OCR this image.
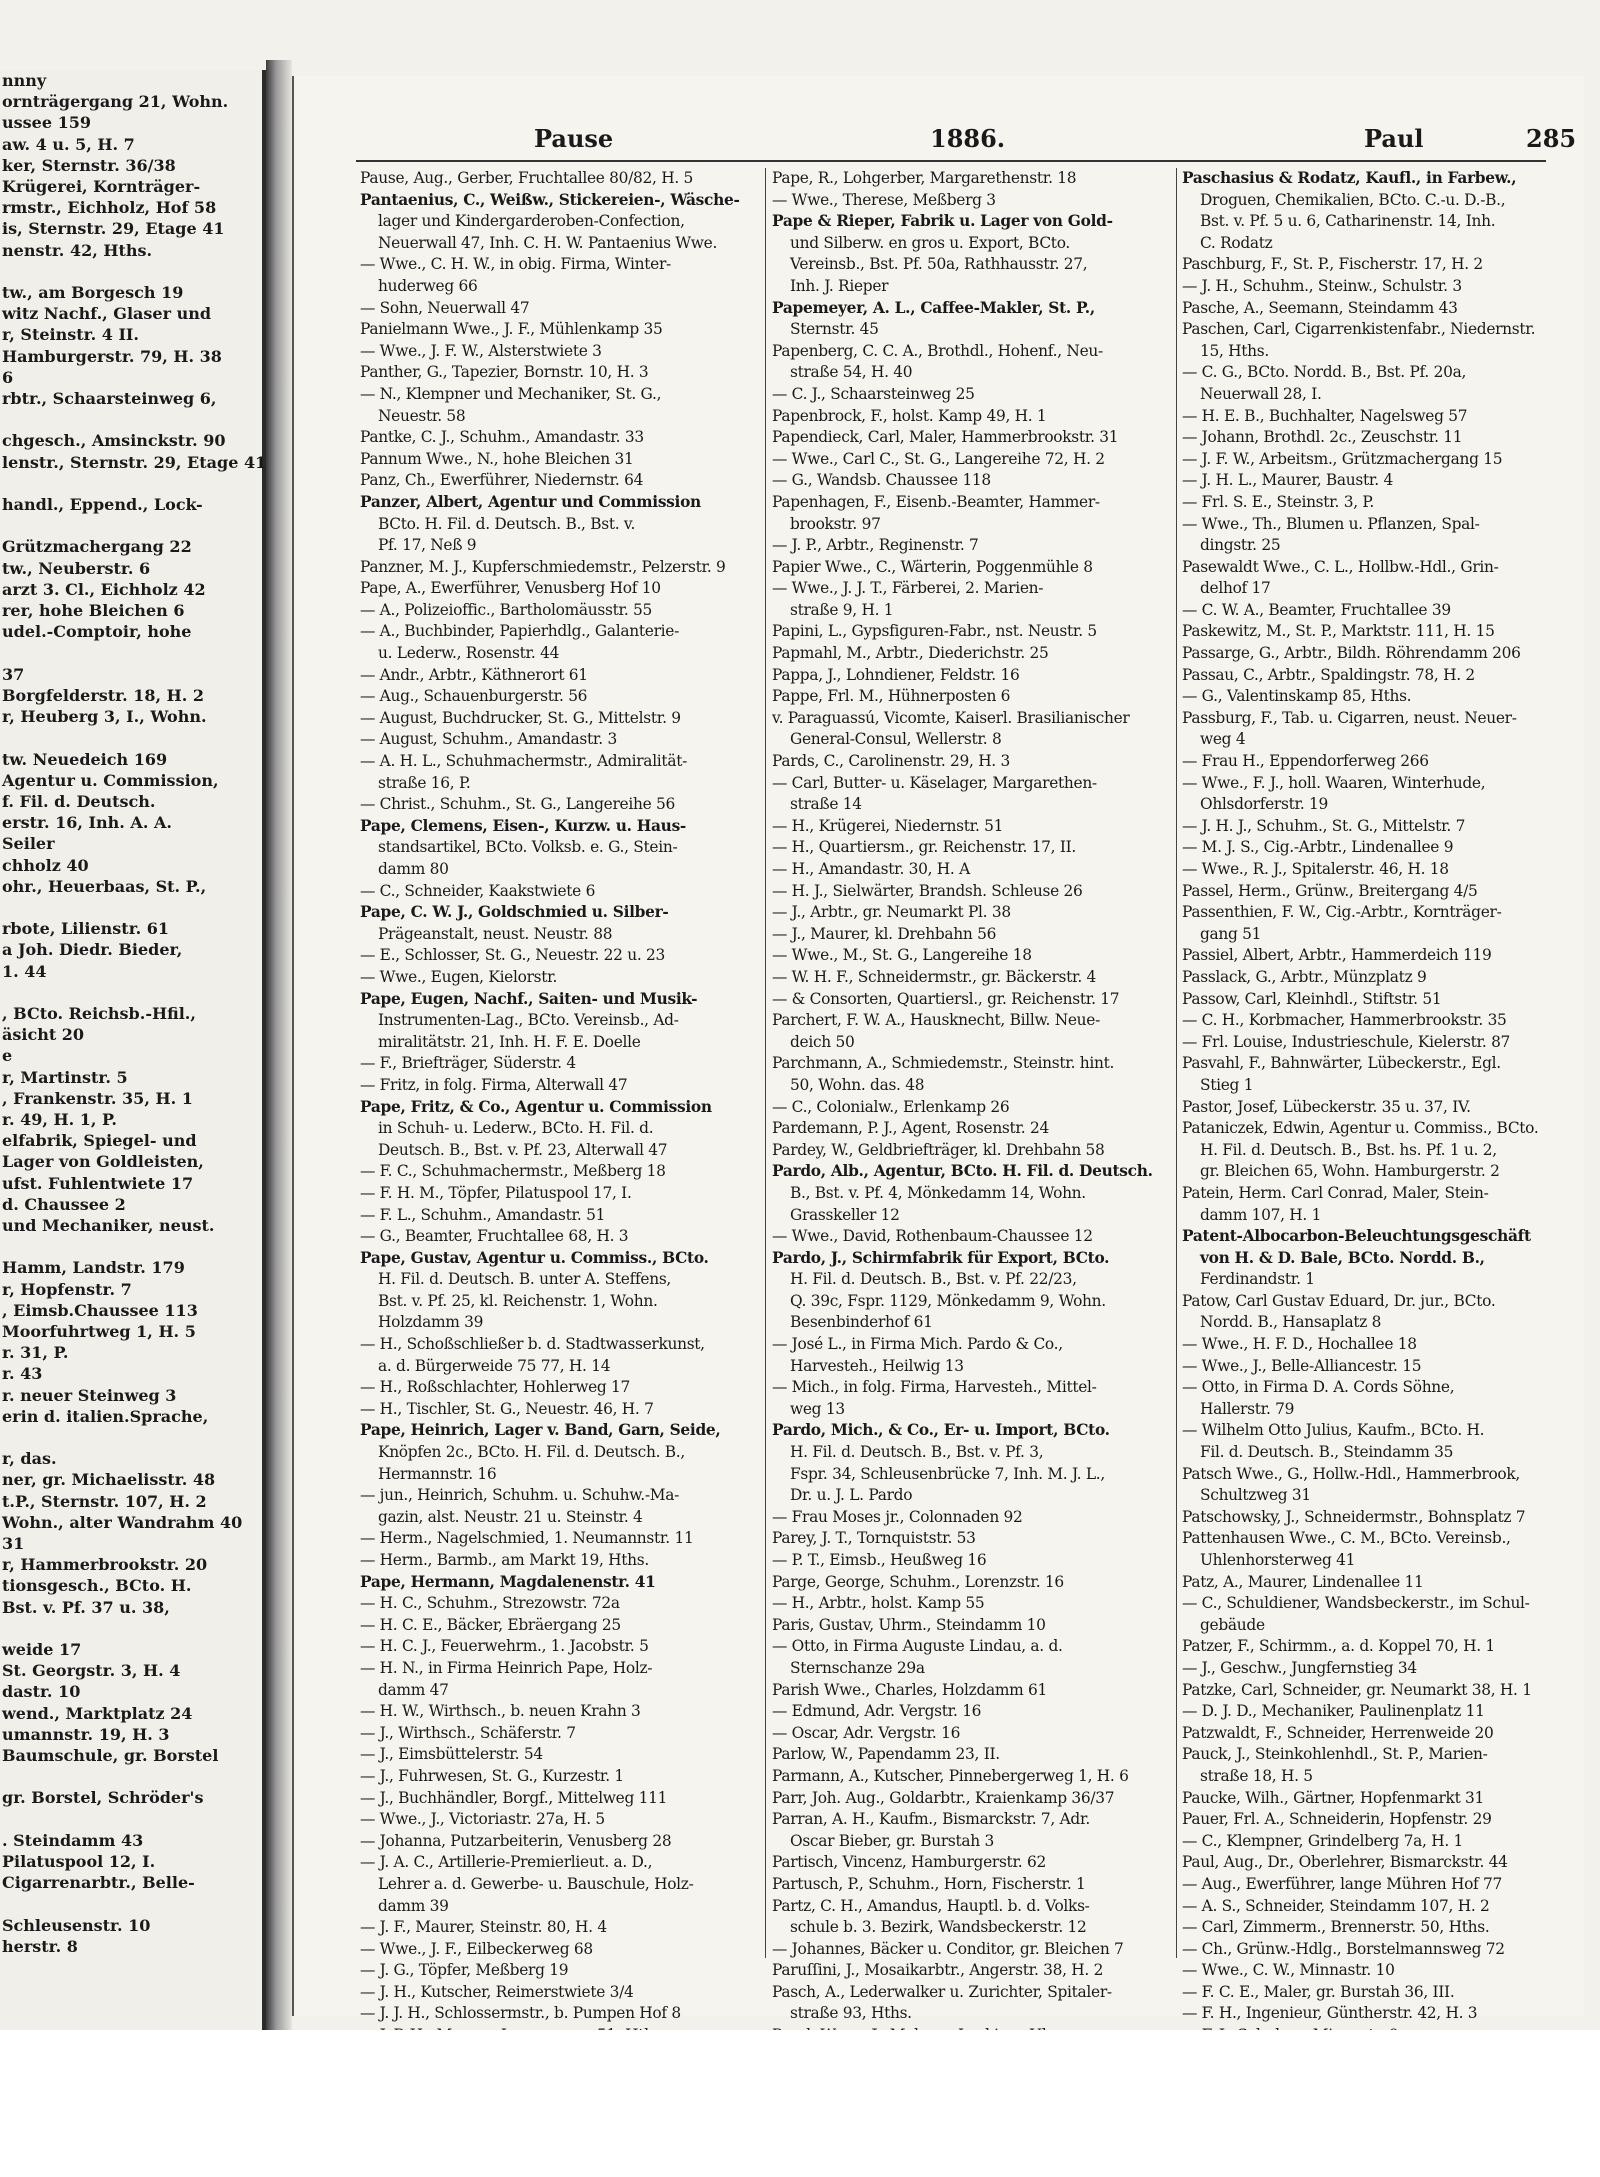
nnny
ornträgergang 21, Wohn.
ussee 159
aw. 4 u. 5, H. 7
ker, Sternstr. 36/38
Krügerei, Kornträger-
rmstr., Eichholz, Hof 58
is, Sternstr. 29, Etage 41
nenstr. 42, Hths.

tw., am Borgesch 19
witz Nachf., Glaser und
r, Steinstr. 4 II.
Hamburgerstr. 79, H. 38
6
rbtr., Schaarsteinweg 6,

chgesch., Amsinckstr. 90
lenstr., Sternstr. 29, Etage 41

handl., Eppend., Lock-

Grützmachergang 22
tw., Neuberstr. 6
arzt 3. Cl., Eichholz 42
rer, hohe Bleichen 6
udel.-Comptoir, hohe

37
Borgfelderstr. 18, H. 2
r, Heuberg 3, I., Wohn.

tw. Neuedeich 169
Agentur u. Commission,
f. Fil. d. Deutsch.
erstr. 16, Inh. A. A.
Seiler
chholz 40
ohr., Heuerbaas, St. P.,

rbote, Lilienstr. 61
a Joh. Diedr. Bieder,
1. 44

, BCto. Reichsb.-Hfil.,
äsicht 20
e
r, Martinstr. 5
, Frankenstr. 35, H. 1
r. 49, H. 1, P.
elfabrik, Spiegel- und
Lager von Goldleisten,
ufst. Fuhlentwiete 17
d. Chaussee 2
und Mechaniker, neust.

Hamm, Landstr. 179
r, Hopfenstr. 7
, Eimsb.Chaussee 113
Moorfuhrtweg 1, H. 5
r. 31, P.
r. 43
r. neuer Steinweg 3
erin d. italien.Sprache,

r, das.
ner, gr. Michaelisstr. 48
t.P., Sternstr. 107, H. 2
Wohn., alter Wandrahm 40
31
r, Hammerbrookstr. 20
tionsgesch., BCto. H.
Bst. v. Pf. 37 u. 38,

weide 17
St. Georgstr. 3, H. 4
dastr. 10
wend., Marktplatz 24
umannstr. 19, H. 3
Baumschule, gr. Borstel

gr. Borstel, Schröder's

. Steindamm 43
Pilatuspool 12, I.
Cigarrenarbtr., Belle-

Schleusenstr. 10
herstr. 8
Pause	1886.	Paul	285
Pause, Aug., Gerber, Fruchtallee 80/82, H. 5
Pantaenius, C., Weißw., Stickereien-, Wäsche-
lager und Kindergarderoben-Confection,
Neuerwall 47, Inh. C. H. W. Pantaenius Wwe.
— Wwe., C. H. W., in obig. Firma, Winter-
huderweg 66
— Sohn, Neuerwall 47
Panielmann Wwe., J. F., Mühlenkamp 35
— Wwe., J. F. W., Alsterstwiete 3
Panther, G., Tapezier, Bornstr. 10, H. 3
— N., Klempner und Mechaniker, St. G.,
Neuestr. 58
Pantke, C. J., Schuhm., Amandastr. 33
Pannum Wwe., N., hohe Bleichen 31
Panz, Ch., Ewerführer, Niedernstr. 64
Panzer, Albert, Agentur und Commission
BCto. H. Fil. d. Deutsch. B., Bst. v.
Pf. 17, Neß 9
Panzner, M. J., Kupferschmiedemstr., Pelzerstr. 9
Pape, A., Ewerführer, Venusberg Hof 10
— A., Polizeioffic., Bartholomäusstr. 55
— A., Buchbinder, Papierhdlg., Galanterie-
u. Lederw., Rosenstr. 44
— Andr., Arbtr., Käthnerort 61
— Aug., Schauenburgerstr. 56
— August, Buchdrucker, St. G., Mittelstr. 9
— August, Schuhm., Amandastr. 3
— A. H. L., Schuhmachermstr., Admiralität-
straße 16, P.
— Christ., Schuhm., St. G., Langereihe 56
Pape, Clemens, Eisen-, Kurzw. u. Haus-
standsartikel, BCto. Volksb. e. G., Stein-
damm 80
— C., Schneider, Kaakstwiete 6
Pape, C. W. J., Goldschmied u. Silber-
Prägeanstalt, neust. Neustr. 88
— E., Schlosser, St. G., Neuestr. 22 u. 23
— Wwe., Eugen, Kielorstr.
Pape, Eugen, Nachf., Saiten- und Musik-
Instrumenten-Lag., BCto. Vereinsb., Ad-
miralitätstr. 21, Inh. H. F. E. Doelle
— F., Briefträger, Süderstr. 4
— Fritz, in folg. Firma, Alterwall 47
Pape, Fritz, & Co., Agentur u. Commission
in Schuh- u. Lederw., BCto. H. Fil. d.
Deutsch. B., Bst. v. Pf. 23, Alterwall 47
— F. C., Schuhmachermstr., Meßberg 18
— F. H. M., Töpfer, Pilatuspool 17, I.
— F. L., Schuhm., Amandastr. 51
— G., Beamter, Fruchtallee 68, H. 3
Pape, Gustav, Agentur u. Commiss., BCto.
H. Fil. d. Deutsch. B. unter A. Steffens,
Bst. v. Pf. 25, kl. Reichenstr. 1, Wohn.
Holzdamm 39
— H., Schoßschließer b. d. Stadtwasserkunst,
a. d. Bürgerweide 75 77, H. 14
— H., Roßschlachter, Hohlerweg 17
— H., Tischler, St. G., Neuestr. 46, H. 7
Pape, Heinrich, Lager v. Band, Garn, Seide,
Knöpfen 2c., BCto. H. Fil. d. Deutsch. B.,
Hermannstr. 16
— jun., Heinrich, Schuhm. u. Schuhw.-Ma-
gazin, alst. Neustr. 21 u. Steinstr. 4
— Herm., Nagelschmied, 1. Neumannstr. 11
— Herm., Barmb., am Markt 19, Hths.
Pape, Hermann, Magdalenenstr. 41
— H. C., Schuhm., Strezowstr. 72a
— H. C. E., Bäcker, Ebräergang 25
— H. C. J., Feuerwehrm., 1. Jacobstr. 5
— H. N., in Firma Heinrich Pape, Holz-
damm 47
— H. W., Wirthsch., b. neuen Krahn 3
— J., Wirthsch., Schäferstr. 7
— J., Eimsbüttelerstr. 54
— J., Fuhrwesen, St. G., Kurzestr. 1
— J., Buchhändler, Borgf., Mittelweg 111
— Wwe., J., Victoriastr. 27a, H. 5
— Johanna, Putzarbeiterin, Venusberg 28
— J. A. C., Artillerie-Premierlieut. a. D.,
Lehrer a. d. Gewerbe- u. Bauschule, Holz-
damm 39
— J. F., Maurer, Steinstr. 80, H. 4
— Wwe., J. F., Eilbeckerweg 68
— J. G., Töpfer, Meßberg 19
— J. H., Kutscher, Reimerstwiete 3/4
— J. J. H., Schlossermstr., b. Pumpen Hof 8
Pape, R., Lohgerber, Margarethenstr. 18
— Wwe., Therese, Meßberg 3
Pape & Rieper, Fabrik u. Lager von Gold-
und Silberw. en gros u. Export, BCto.
Vereinsb., Bst. Pf. 50a, Rathhausstr. 27,
Inh. J. Rieper
Papemeyer, A. L., Caffee-Makler, St. P.,
Sternstr. 45
Papenberg, C. C. A., Brothdl., Hohenf., Neu-
straße 54, H. 40
— C. J., Schaarsteinweg 25
Papenbrock, F., holst. Kamp 49, H. 1
Papendieck, Carl, Maler, Hammerbrookstr. 31
— Wwe., Carl C., St. G., Langereihe 72, H. 2
— G., Wandsb. Chaussee 118
Papenhagen, F., Eisenb.-Beamter, Hammer-
brookstr. 97
— J. P., Arbtr., Reginenstr. 7
Papier Wwe., C., Wärterin, Poggenmühle 8
— Wwe., J. J. T., Färberei, 2. Marien-
straße 9, H. 1
Papini, L., Gypsfiguren-Fabr., nst. Neustr. 5
Papmahl, M., Arbtr., Diederichstr. 25
Pappa, J., Lohndiener, Feldstr. 16
Pappe, Frl. M., Hühnerposten 6
v. Paraguassú, Vicomte, Kaiserl. Brasilianischer
General-Consul, Wellerstr. 8
Pards, C., Carolinenstr. 29, H. 3
— Carl, Butter- u. Käselager, Margarethen-
straße 14
— H., Krügerei, Niedernstr. 51
— H., Quartiersm., gr. Reichenstr. 17, II.
— H., Amandastr. 30, H. A
— H. J., Sielwärter, Brandsh. Schleuse 26
— J., Arbtr., gr. Neumarkt Pl. 38
— J., Maurer, kl. Drehbahn 56
— Wwe., M., St. G., Langereihe 18
— W. H. F., Schneidermstr., gr. Bäckerstr. 4
— & Consorten, Quartiersl., gr. Reichenstr. 17
Parchert, F. W. A., Hausknecht, Billw. Neue-
deich 50
Parchmann, A., Schmiedemstr., Steinstr. hint.
50, Wohn. das. 48
— C., Colonialw., Erlenkamp 26
Pardemann, P. J., Agent, Rosenstr. 24
Pardey, W., Geldbriefträger, kl. Drehbahn 58
Pardo, Alb., Agentur, BCto. H. Fil. d. Deutsch.
B., Bst. v. Pf. 4, Mönkedamm 14, Wohn.
Grasskeller 12
— Wwe., David, Rothenbaum-Chaussee 12
Pardo, J., Schirmfabrik für Export, BCto.
H. Fil. d. Deutsch. B., Bst. v. Pf. 22/23,
Q. 39c, Fspr. 1129, Mönkedamm 9, Wohn.
Besenbinderhof 61
— José L., in Firma Mich. Pardo & Co.,
Harvesteh., Heilwig 13
— Mich., in folg. Firma, Harvesteh., Mittel-
weg 13
Pardo, Mich., & Co., Er- u. Import, BCto.
H. Fil. d. Deutsch. B., Bst. v. Pf. 3,
Fspr. 34, Schleusenbrücke 7, Inh. M. J. L.,
Dr. u. J. L. Pardo
— Frau Moses jr., Colonnaden 92
Parey, J. T., Tornquiststr. 53
— P. T., Eimsb., Heußweg 16
Parge, George, Schuhm., Lorenzstr. 16
— H., Arbtr., holst. Kamp 55
Paris, Gustav, Uhrm., Steindamm 10
— Otto, in Firma Auguste Lindau, a. d.
Sternschanze 29a
Parish Wwe., Charles, Holzdamm 61
— Edmund, Adr. Vergstr. 16
— Oscar, Adr. Vergstr. 16
Parlow, W., Papendamm 23, II.
Parmann, A., Kutscher, Pinnebergerweg 1, H. 6
Parr, Joh. Aug., Goldarbtr., Kraienkamp 36/37
Parran, A. H., Kaufm., Bismarckstr. 7, Adr.
Oscar Bieber, gr. Burstah 3
Partisch, Vincenz, Hamburgerstr. 62
Partusch, P., Schuhm., Horn, Fischerstr. 1
Partz, C. H., Amandus, Hauptl. b. d. Volks-
schule b. 3. Bezirk, Wandsbeckerstr. 12
— Johannes, Bäcker u. Conditor, gr. Bleichen 7
Paruſſini, J., Mosaikarbtr., Angerstr. 38, H. 2
Pasch, A., Lederwalker u. Zurichter, Spitaler-
straße 93, Hths.
Paschasius & Rodatz, Kaufl., in Farbew.,
Droguen, Chemikalien, BCto. C.-u. D.-B.,
Bst. v. Pf. 5 u. 6, Catharinenstr. 14, Inh.
C. Rodatz
Paschburg, F., St. P., Fischerstr. 17, H. 2
— J. H., Schuhm., Steinw., Schulstr. 3
Pasche, A., Seemann, Steindamm 43
Paschen, Carl, Cigarrenkistenfabr., Niedernstr.
15, Hths.
— C. G., BCto. Nordd. B., Bst. Pf. 20a,
Neuerwall 28, I.
— H. E. B., Buchhalter, Nagelsweg 57
— Johann, Brothdl. 2c., Zeuschstr. 11
— J. F. W., Arbeitsm., Grützmachergang 15
— J. H. L., Maurer, Baustr. 4
— Frl. S. E., Steinstr. 3, P.
— Wwe., Th., Blumen u. Pflanzen, Spal-
dingstr. 25
Pasewaldt Wwe., C. L., Hollbw.-Hdl., Grin-
delhof 17
— C. W. A., Beamter, Fruchtallee 39
Paskewitz, M., St. P., Marktstr. 111, H. 15
Passarge, G., Arbtr., Bildh. Röhrendamm 206
Passau, C., Arbtr., Spaldingstr. 78, H. 2
— G., Valentinskamp 85, Hths.
Passburg, F., Tab. u. Cigarren, neust. Neuer-
weg 4
— Frau H., Eppendorferweg 266
— Wwe., F. J., holl. Waaren, Winterhude,
Ohlsdorferstr. 19
— J. H. J., Schuhm., St. G., Mittelstr. 7
— M. J. S., Cig.-Arbtr., Lindenallee 9
— Wwe., R. J., Spitalerstr. 46, H. 18
Passel, Herm., Grünw., Breitergang 4/5
Passenthien, F. W., Cig.-Arbtr., Kornträger-
gang 51
Passiel, Albert, Arbtr., Hammerdeich 119
Passlack, G., Arbtr., Münzplatz 9
Passow, Carl, Kleinhdl., Stiftstr. 51
— C. H., Korbmacher, Hammerbrookstr. 35
— Frl. Louise, Industrieschule, Kielerstr. 87
Pasvahl, F., Bahnwärter, Lübeckerstr., Egl.
Stieg 1
Pastor, Josef, Lübeckerstr. 35 u. 37, IV.
Pataniczek, Edwin, Agentur u. Commiss., BCto.
H. Fil. d. Deutsch. B., Bst. hs. Pf. 1 u. 2,
gr. Bleichen 65, Wohn. Hamburgerstr. 2
Patein, Herm. Carl Conrad, Maler, Stein-
damm 107, H. 1
Patent-Albocarbon-Beleuchtungsgeschäft
von H. & D. Bale, BCto. Nordd. B.,
Ferdinandstr. 1
Patow, Carl Gustav Eduard, Dr. jur., BCto.
Nordd. B., Hansaplatz 8
— Wwe., H. F. D., Hochallee 18
— Wwe., J., Belle-Alliancestr. 15
— Otto, in Firma D. A. Cords Söhne,
Hallerstr. 79
— Wilhelm Otto Julius, Kaufm., BCto. H.
Fil. d. Deutsch. B., Steindamm 35
Patsch Wwe., G., Hollw.-Hdl., Hammerbrook,
Schultzweg 31
Patschowsky, J., Schneidermstr., Bohnsplatz 7
Pattenhausen Wwe., C. M., BCto. Vereinsb.,
Uhlenhorsterweg 41
Patz, A., Maurer, Lindenallee 11
— C., Schuldiener, Wandsbeckerstr., im Schul-
gebäude
Patzer, F., Schirmm., a. d. Koppel 70, H. 1
— J., Geschw., Jungfernstieg 34
Patzke, Carl, Schneider, gr. Neumarkt 38, H. 1
— D. J. D., Mechaniker, Paulinenplatz 11
Patzwaldt, F., Schneider, Herrenweide 20
Pauck, J., Steinkohlenhdl., St. P., Marien-
straße 18, H. 5
Paucke, Wilh., Gärtner, Hopfenmarkt 31
Pauer, Frl. A., Schneiderin, Hopfenstr. 29
— C., Klempner, Grindelberg 7a, H. 1
Paul, Aug., Dr., Oberlehrer, Bismarckstr. 44
— Aug., Ewerführer, lange Mühren Hof 77
— A. S., Schneider, Steindamm 107, H. 2
— Carl, Zimmerm., Brennerstr. 50, Hths.
— Ch., Grünw.-Hdlg., Borstelmannsweg 72
— Wwe., C. W., Minnastr. 10
— F. C. E., Maler, gr. Burstah 36, III.
— F. H., Ingenieur, Güntherstr. 42, H. 3
